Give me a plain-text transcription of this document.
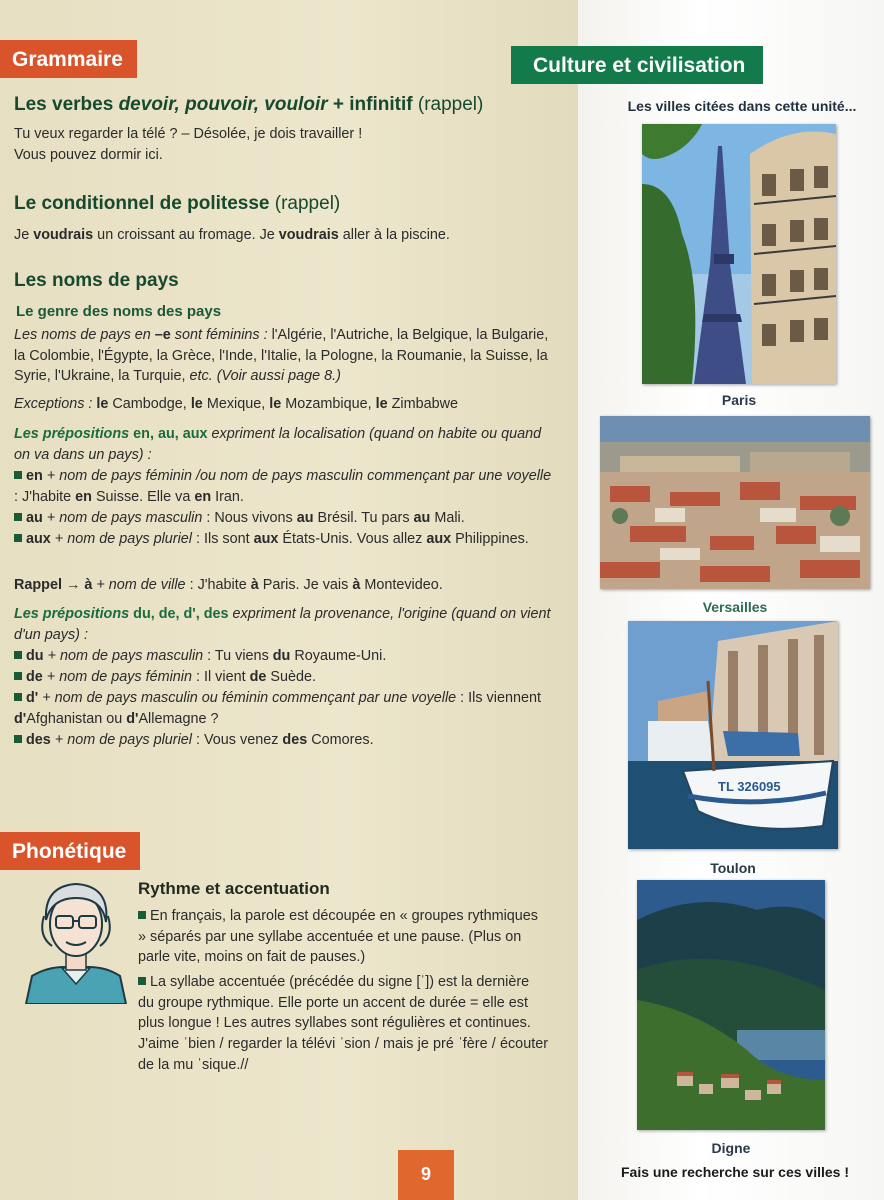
Grammaire
Les verbes devoir, pouvoir, vouloir + infinitif (rappel)
Tu veux regarder la télé ? – Désolée, je dois travailler !
Vous pouvez dormir ici.
Le conditionnel de politesse (rappel)
Je voudrais un croissant au fromage. Je voudrais aller à la piscine.
Les noms de pays
Le genre des noms des pays
Les noms de pays en –e sont féminins : l'Algérie, l'Autriche, la Belgique, la Bulgarie, la Colombie, l'Égypte, la Grèce, l'Inde, l'Italie, la Pologne, la Roumanie, la Suisse, la Syrie, l'Ukraine, la Turquie, etc. (Voir aussi page 8.)
Exceptions : le Cambodge, le Mexique, le Mozambique, le Zimbabwe
Les prépositions en, au, aux expriment la localisation (quand on habite ou quand on va dans un pays) :
en + nom de pays féminin /ou nom de pays masculin commençant par une voyelle : J'habite en Suisse. Elle va en Iran.
au + nom de pays masculin : Nous vivons au Brésil. Tu pars au Mali.
aux + nom de pays pluriel : Ils sont aux États-Unis. Vous allez aux Philippines.
Rappel → à + nom de ville : J'habite à Paris. Je vais à Montevideo.
Les prépositions du, de, d', des expriment la provenance, l'origine (quand on vient d'un pays) :
du + nom de pays masculin : Tu viens du Royaume-Uni.
de + nom de pays féminin : Il vient de Suède.
d' + nom de pays masculin ou féminin commençant par une voyelle : Ils viennent d'Afghanistan ou d'Allemagne ?
des + nom de pays pluriel : Vous venez des Comores.
Phonétique
Rythme et accentuation
En français, la parole est découpée en « groupes rythmiques » séparés par une syllabe accentuée et une pause. (Plus on parle vite, moins on fait de pauses.)
La syllabe accentuée (précédée du signe [ˈ]) est la dernière du groupe rythmique. Elle porte un accent de durée = elle est plus longue ! Les autres syllabes sont régulières et continues.
J'aime ˈbien / regarder la télévi ˈsion / mais je pré ˈfère / écouter de la mu ˈsique.//
9
Culture et civilisation
Les villes citées dans cette unité...
Paris
Versailles
TL 326095
Toulon
Digne
Fais une recherche sur ces villes !
